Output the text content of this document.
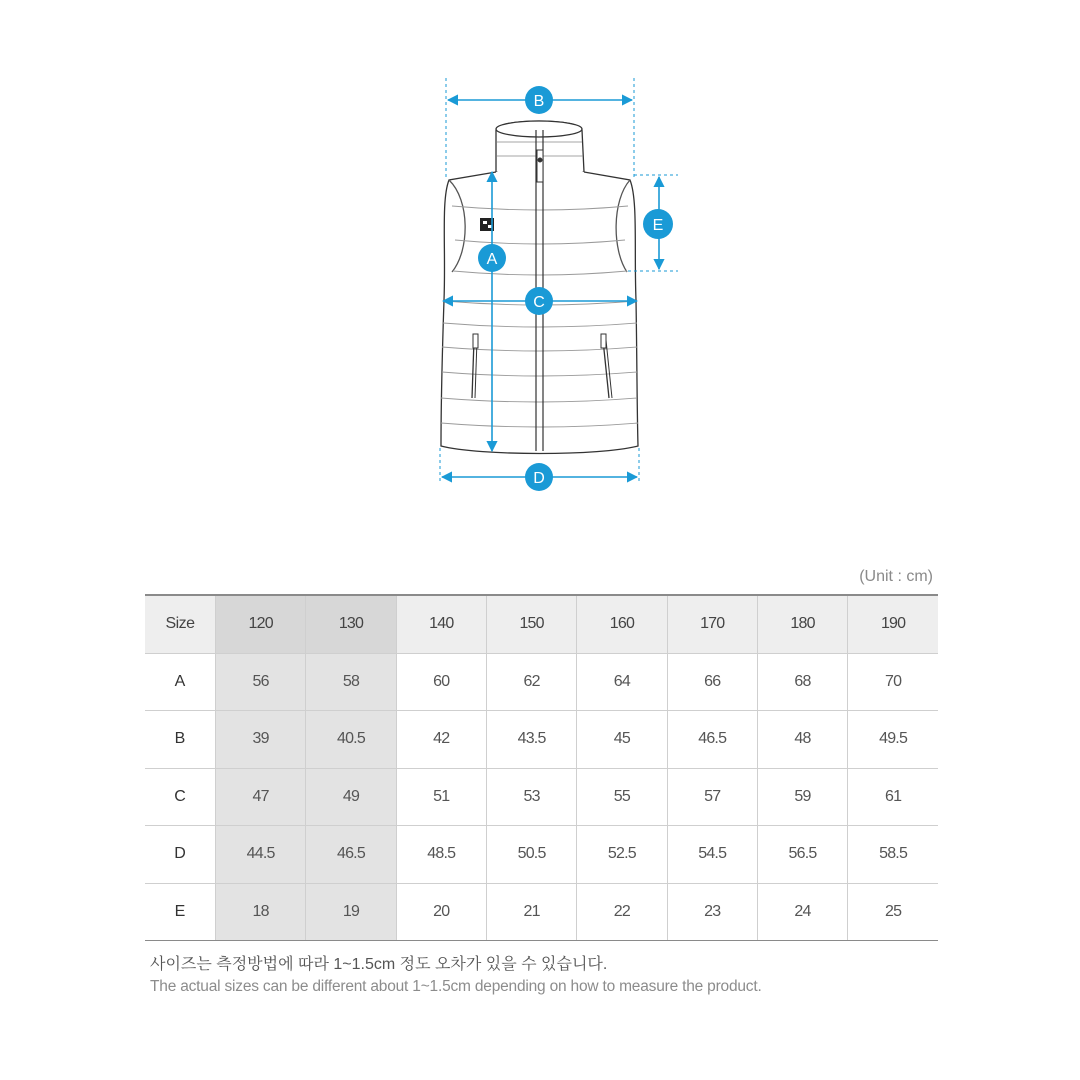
B
E
A
C
D
(Unit : cm)
Size	120	130	140	150	160	170	180	190
A	56	58	60	62	64	66	68	70
B	39	40.5	42	43.5	45	46.5	48	49.5
C	47	49	51	53	55	57	59	61
D	44.5	46.5	48.5	50.5	52.5	54.5	56.5	58.5
E	18	19	20	21	22	23	24	25
사이즈는 측정방법에 따라 1~1.5cm 정도 오차가 있을 수 있습니다.
The actual sizes can be different about 1~1.5cm depending on how to measure the product.
